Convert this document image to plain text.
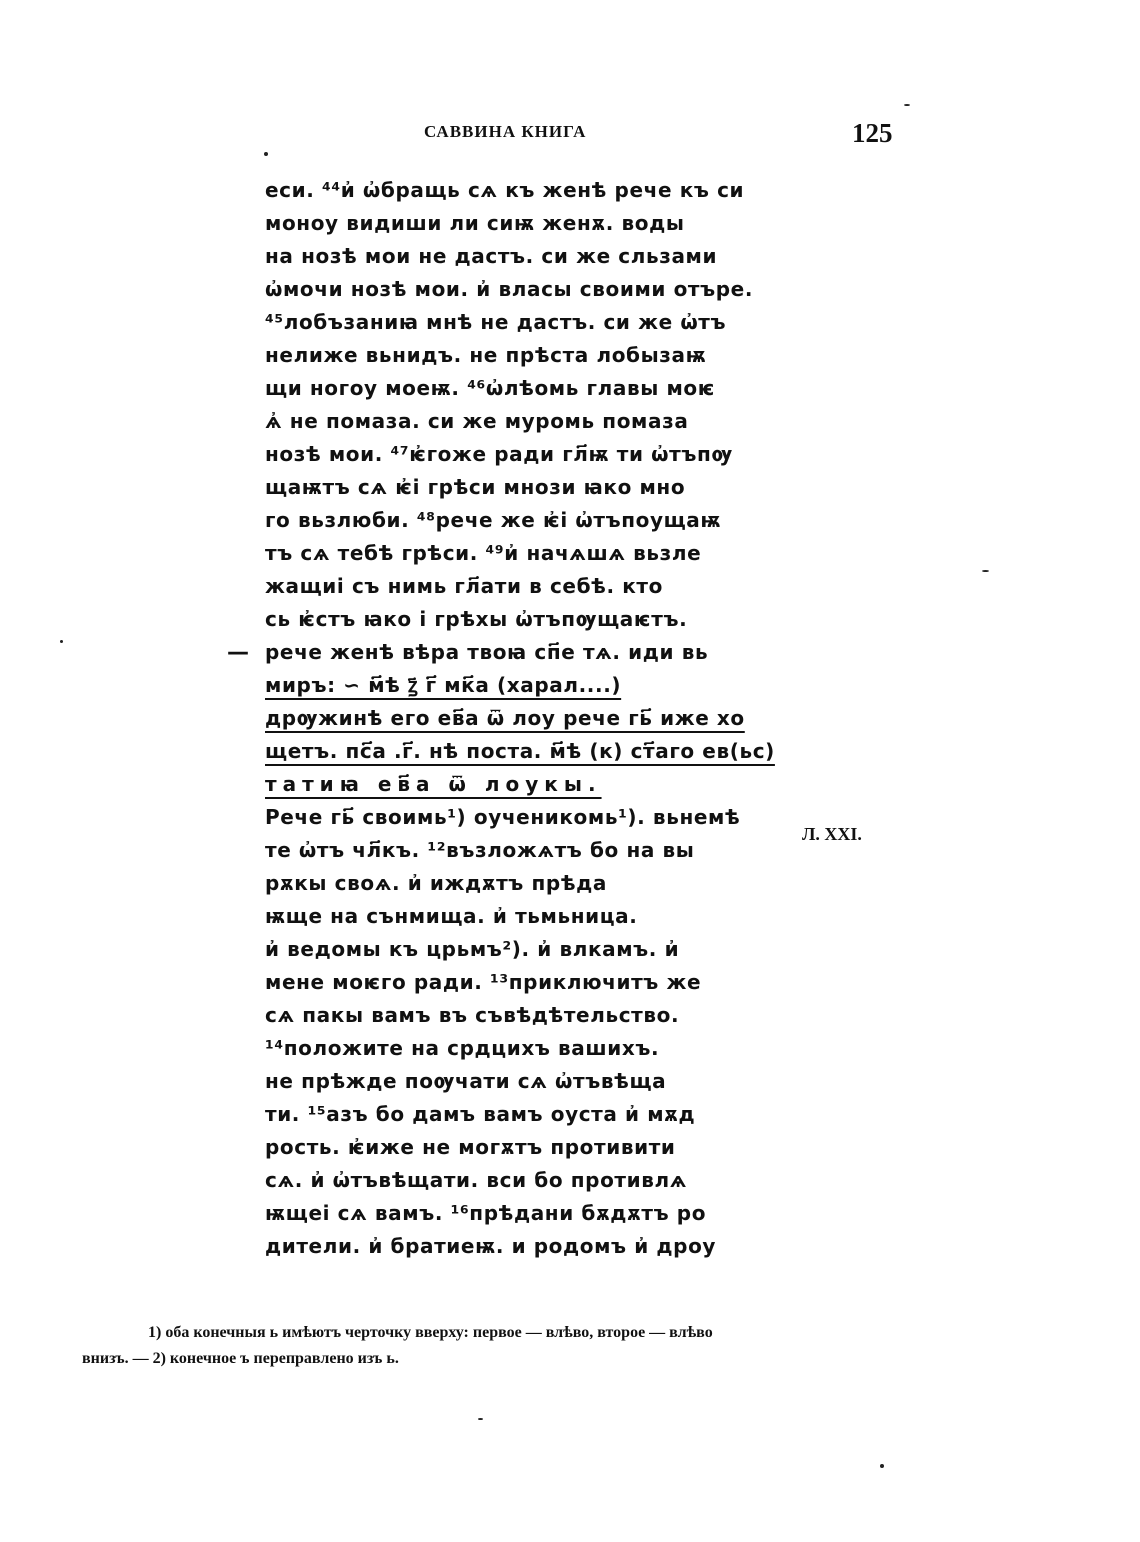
САВВИНА КНИГА	125
—
Л. XXI.
еси. ⁴⁴и҆ ѡ҆бращь сѧ къ женѣ рече къ си
моноу видиши ли сиѭ женѫ. воды
на нозѣ мои не дастъ. си же сльзами
ѡ҆мочи нозѣ мои. и҆ власы своими отъре.
⁴⁵лобъзаниꙗ мнѣ не дастъ. си же ѡ҆тъ
нелиже вьнидъ. не прѣста лобызаѭ
щи ногоу моеѭ. ⁴⁶ѡ҆лѣомь главы моѥ
ѧ҆ не помаза. си же муромь помаза
нозѣ мои. ⁴⁷ѥ҆гоже ради гл҃ѭ ти ѡ҆тъпѹ
щаѭтъ сѧ ѥ҆і грѣси мнози ꙗко мно
го вьзлюби. ⁴⁸рече же ѥ҆і ѡ҆тъпоущаѭ
тъ сѧ тебѣ грѣси. ⁴⁹и҆ начѧшѧ вьзле
жащиі съ нимь гл҃ати в себѣ. кто
сь ѥ҆стъ ꙗко і грѣхы ѡ҆тъпѹщаѥтъ.
рече женѣ вѣра твоꙗ сп҃е тѧ. иди вь
миръ: ∽ м҃ѣ ꙁ҃ г҃ мк҃а (харал....)
дрѹжинѣ его ев҃а ѿ лоу рече гь҃ иже хо
щетъ. пс҃а .г҃. нѣ поста. м҃ѣ (к) ст҃аго ев(ьс)
татиꙗ ев҃а ѿ лоукы.
Рече гь҃ своимь¹) оученикомь¹). вьнемѣ
те ѡ҆тъ чл҃къ. ¹²възложѧтъ бо на вы
рѫкы своѧ. и҆ иждѫтъ прѣда
ѭще на сънмища. и҆ тьмьница.
и҆ ведомы къ црьмъ²). и҆ влкамъ. и҆
мене моѥго ради. ¹³приключитъ же
сѧ пакы вамъ въ съвѣдѣтельство.
¹⁴положите на срдцихъ вашихъ.
не прѣжде поѹчати сѧ ѡ҆тъвѣща
ти. ¹⁵азъ бо дамъ вамъ оуста и҆ мѫд
рость. ѥ҆иже не могѫтъ противити
сѧ. и҆ ѡ҆тъвѣщати. вси бо противлѧ
ѭщеі сѧ вамъ. ¹⁶прѣдани бѫдѫтъ ро
дители. и҆ братиеѭ. и родомъ и҆ дроу
1) оба конечныя ь имѣютъ черточку вверху: первое — влѣво, второе — влѣво
внизъ. — 2) конечное ъ переправлено изъ ь.
